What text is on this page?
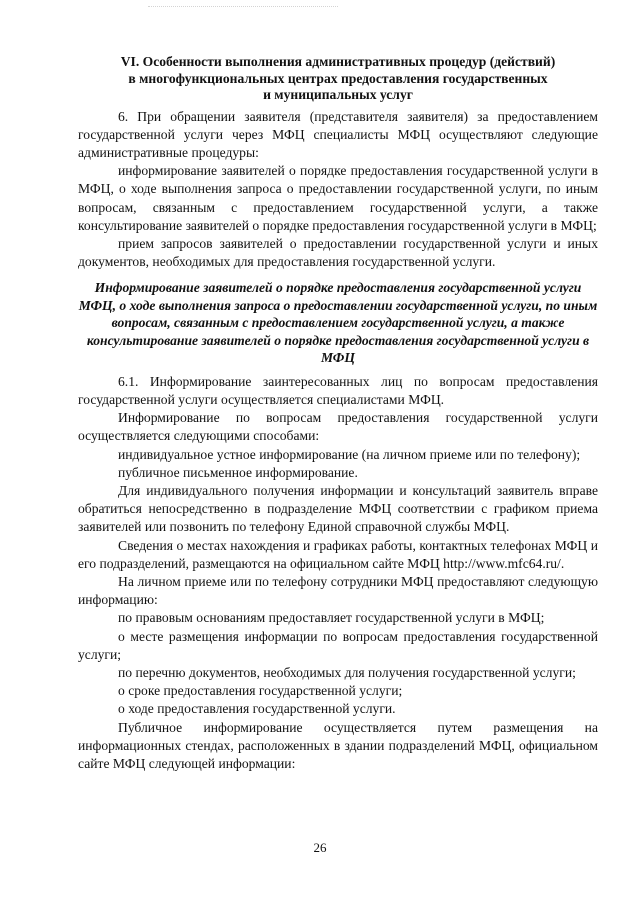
VI. Особенности выполнения административных процедур (действий)
в многофункциональных центрах предоставления государственных
и муниципальных услуг

6. При обращении заявителя (представителя заявителя) за предоставлением государственной услуги через МФЦ специалисты МФЦ осуществляют следующие административные процедуры:

информирование заявителей о порядке предоставления государственной услуги в МФЦ, о ходе выполнения запроса о предоставлении государственной услуги, по иным вопросам, связанным с предоставлением государственной услуги, а также консультирование заявителей о порядке предоставления государственной услуги в МФЦ;

прием запросов заявителей о предоставлении государственной услуги и иных документов, необходимых для предоставления государственной услуги.

Информирование заявителей о порядке предоставления государственной услуги МФЦ, о ходе выполнения запроса о предоставлении государственной услуги, по иным вопросам, связанным с предоставлением государственной услуги, а также консультирование заявителей о порядке предоставления государственной услуги в МФЦ

6.1. Информирование заинтересованных лиц по вопросам предоставления государственной услуги осуществляется специалистами МФЦ.

Информирование по вопросам предоставления государственной услуги осуществляется следующими способами:

индивидуальное устное информирование (на личном приеме или по телефону);

публичное письменное информирование.

Для индивидуального получения информации и консультаций заявитель вправе обратиться непосредственно в подразделение МФЦ соответствии с графиком приема заявителей или позвонить по телефону Единой справочной службы МФЦ.

Сведения о местах нахождения и графиках работы, контактных телефонах МФЦ и его подразделений, размещаются на официальном сайте МФЦ http://www.mfc64.ru/.

На личном приеме или по телефону сотрудники МФЦ предоставляют следующую информацию:

по правовым основаниям предоставляет государственной услуги в МФЦ;

о месте размещения информации по вопросам предоставления государственной услуги;

по перечню документов, необходимых для получения государственной услуги;

о сроке предоставления государственной услуги;

о ходе предоставления государственной услуги.

Публичное информирование осуществляется путем размещения на информационных стендах, расположенных в здании подразделений МФЦ, официальном сайте МФЦ следующей информации:

26
